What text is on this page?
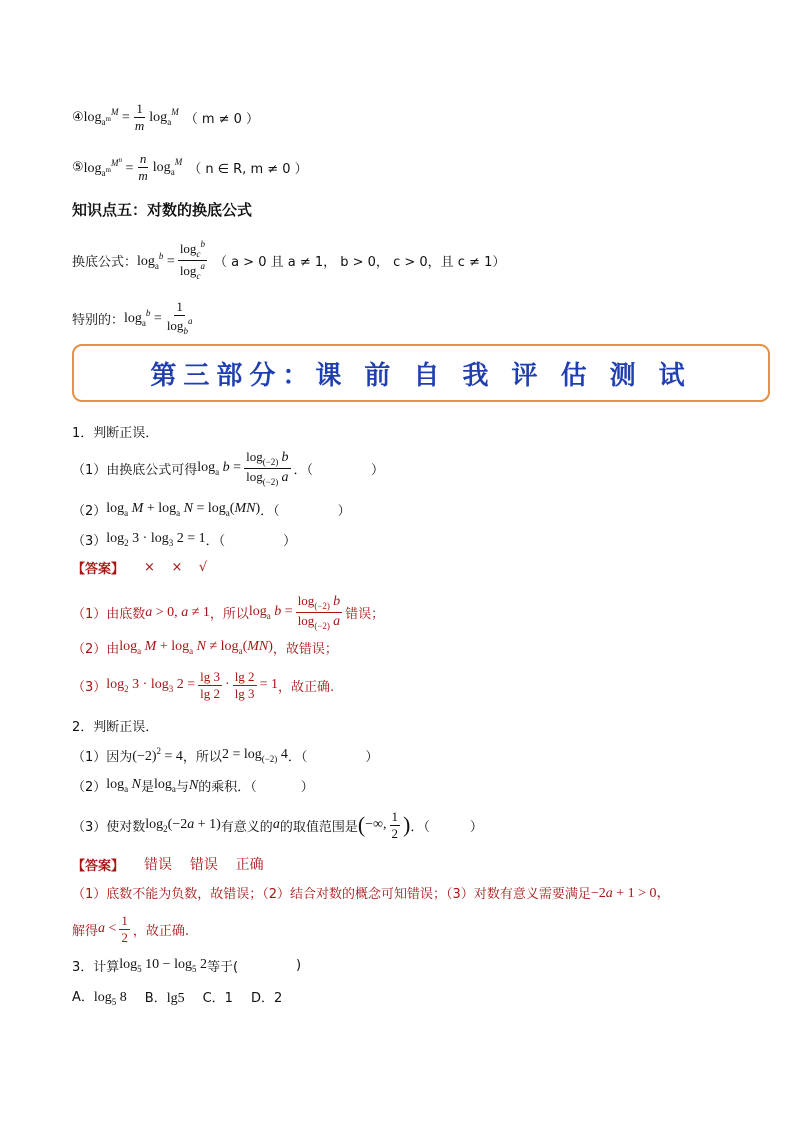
④ $\log_{a^m}^M = \frac{1}{m} \log_a^M$ （ m ≠ 0 ）
⑤ $\log_{a^m}^{M^n} = \frac{n}{m} \log_a^M$ （ n ∈ R, m ≠ 0 ）
知识点五：对数的换底公式
换底公式： $\log_a^b = \frac{\log_c^b}{\log_c^a}$ （ a > 0 且 a ≠ 1， b > 0， c > 0，且 c ≠ 1）
特别的： $\log_a^b = \frac{1}{\log_b^a}$
第三部分：课 前 自 我 评 估 测 试
1．判断正误．
（1）由换底公式可得 $\log_a b = \frac{\log_{(-2)} b}{\log_{(-2)} a}$ ．（	）
（2） $\log_a M + \log_a N = \log_a(MN)$ ．（	）
（3） $\log_2 3 \cdot \log_3 2 = 1$ ．（	）
【答案】 ×    ×    √
（1）由底数 a > 0, a ≠ 1 ，所以 $\log_a b = \frac{\log_{(-2)} b}{\log_{(-2)} a}$ 错误；
（2）由 $\log_a M + \log_a N \ne \log_a(MN)$ ，故错误；
（3） $\log_2 3 \cdot \log_3 2 = \frac{\lg 3}{\lg 2} \cdot \frac{\lg 2}{\lg 3} = 1$ ，故正确.
2．判断正误．
（1）因为 $(-2)^2 = 4$ ，所以 $2 = \log_{(-2)} 4$ ．（	）
（2） $\log_a N$ 是 $\log_a$ 与 N 的乘积．（	）
（3）使对数 $\log_2(-2a + 1)$ 有意义的 a 的取值范围是 ( −∞, $\frac{1}{2}$ ) ．（	）
【答案】 错误    错误    正确
（1）底数不能为负数，故错误；（2）结合对数的概念可知错误；（3）对数有意义需要满足 −2a + 1 > 0，
解得 $a < \frac{1}{2}$ ，故正确.
3．计算 $\log_5 10 - \log_5 2$ 等于(	)
A．$\log_5 8$ B．lg5 C．1 D．2
